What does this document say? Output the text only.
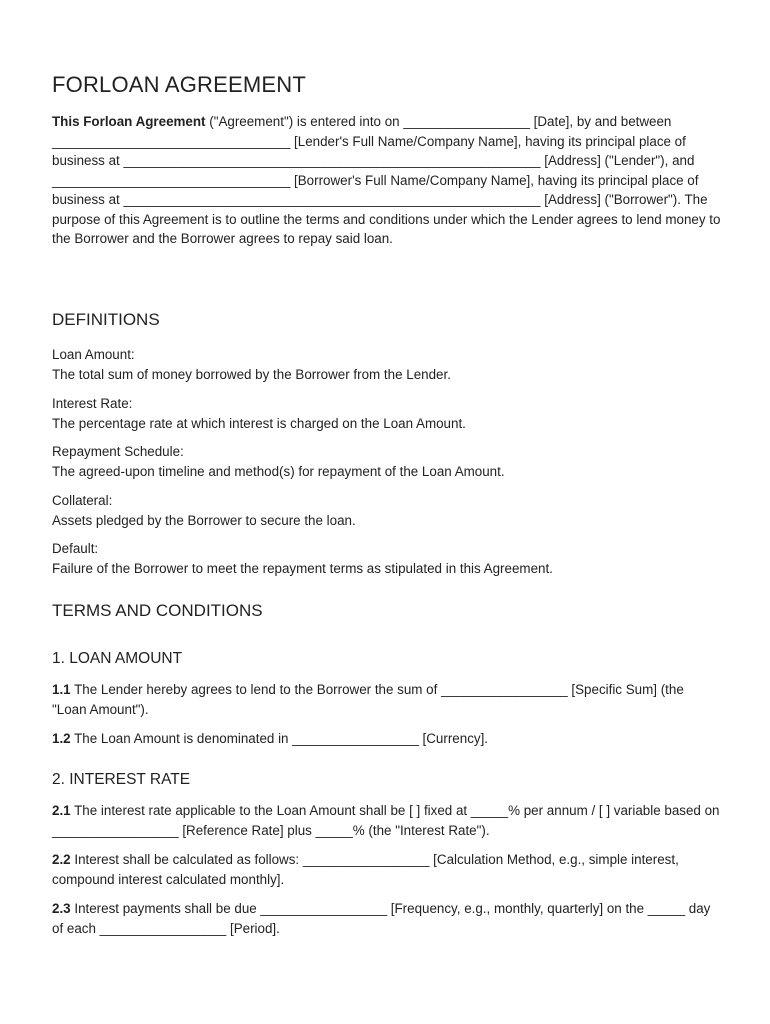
FORLOAN AGREEMENT

This Forloan Agreement ("Agreement") is entered into on _________________ [Date], by and between ________________________________ [Lender's Full Name/Company Name], having its principal place of business at ________________________________________________________ [Address] ("Lender"), and ________________________________ [Borrower's Full Name/Company Name], having its principal place of business at ________________________________________________________ [Address] ("Borrower"). The purpose of this Agreement is to outline the terms and conditions under which the Lender agrees to lend money to the Borrower and the Borrower agrees to repay said loan.

DEFINITIONS

Loan Amount:
The total sum of money borrowed by the Borrower from the Lender.

Interest Rate:
The percentage rate at which interest is charged on the Loan Amount.

Repayment Schedule:
The agreed-upon timeline and method(s) for repayment of the Loan Amount.

Collateral:
Assets pledged by the Borrower to secure the loan.

Default:
Failure of the Borrower to meet the repayment terms as stipulated in this Agreement.

TERMS AND CONDITIONS
1. LOAN AMOUNT

1.1 The Lender hereby agrees to lend to the Borrower the sum of _________________ [Specific Sum] (the "Loan Amount").

1.2 The Loan Amount is denominated in _________________ [Currency].

2. INTEREST RATE

2.1 The interest rate applicable to the Loan Amount shall be [ ] fixed at _____% per annum / [ ] variable based on _________________ [Reference Rate] plus _____% (the "Interest Rate").

2.2 Interest shall be calculated as follows: _________________ [Calculation Method, e.g., simple interest, compound interest calculated monthly].

2.3 Interest payments shall be due _________________ [Frequency, e.g., monthly, quarterly] on the _____ day of each _________________ [Period].
